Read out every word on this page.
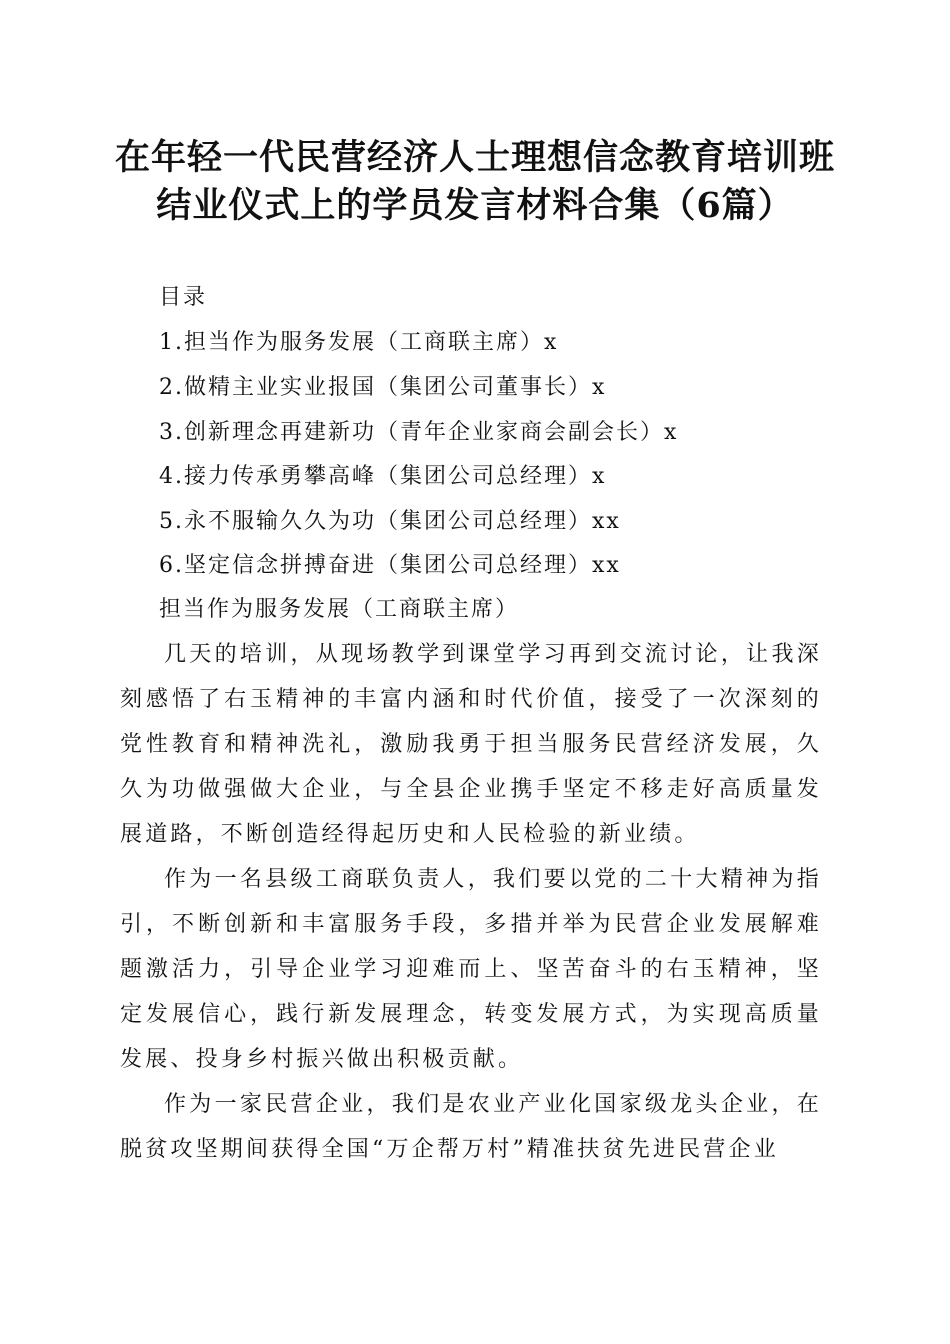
在年轻一代民营经济人士理想信念教育培训班
结业仪式上的学员发言材料合集（6篇）
目录
1.担当作为服务发展（工商联主席）x
2.做精主业实业报国（集团公司董事长）x
3.创新理念再建新功（青年企业家商会副会长）x
4.接力传承勇攀高峰（集团公司总经理）x
5.永不服输久久为功（集团公司总经理）xx
6.坚定信念拼搏奋进（集团公司总经理）xx
担当作为服务发展（工商联主席）

几天的培训，从现场教学到课堂学习再到交流讨论，让我深刻感悟了右玉精神的丰富内涵和时代价值，接受了一次深刻的党性教育和精神洗礼，激励我勇于担当服务民营经济发展，久久为功做强做大企业，与全县企业携手坚定不移走好高质量发展道路，不断创造经得起历史和人民检验的新业绩。

作为一名县级工商联负责人，我们要以党的二十大精神为指引，不断创新和丰富服务手段，多措并举为民营企业发展解难题激活力，引导企业学习迎难而上、坚苦奋斗的右玉精神，坚定发展信心，践行新发展理念，转变发展方式，为实现高质量发展、投身乡村振兴做出积极贡献。

作为一家民营企业，我们是农业产业化国家级龙头企业，在脱贫攻坚期间获得全国“万企帮万村”精准扶贫先进民营企业
